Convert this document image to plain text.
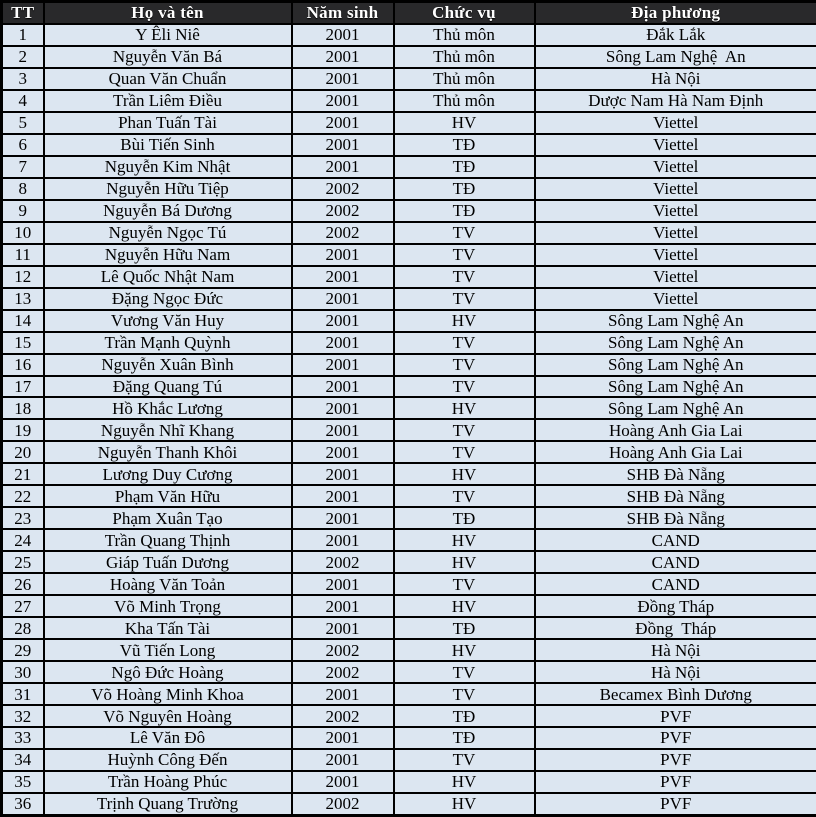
TT	Họ và tên	Năm sinh	Chức vụ	Địa phương
1	Y Êli Niê	2001	Thủ môn	Đắk Lắk
2	Nguyễn Văn Bá	2001	Thủ môn	Sông Lam Nghệ  An
3	Quan Văn Chuẩn	2001	Thủ môn	Hà Nội
4	Trần Liêm Điều	2001	Thủ môn	Dược Nam Hà Nam Định
5	Phan Tuấn Tài	2001	HV	Viettel
6	Bùi Tiến Sinh	2001	TĐ	Viettel
7	Nguyễn Kim Nhật	2001	TĐ	Viettel
8	Nguyễn Hữu Tiệp	2002	TĐ	Viettel
9	Nguyễn Bá Dương	2002	TĐ	Viettel
10	Nguyễn Ngọc Tú	2002	TV	Viettel
11	Nguyễn Hữu Nam	2001	TV	Viettel
12	Lê Quốc Nhật Nam	2001	TV	Viettel
13	Đặng Ngọc Đức	2001	TV	Viettel
14	Vương Văn Huy	2001	HV	Sông Lam Nghệ An
15	Trần Mạnh Quỳnh	2001	TV	Sông Lam Nghệ An
16	Nguyễn Xuân Bình	2001	TV	Sông Lam Nghệ An
17	Đặng Quang Tú	2001	TV	Sông Lam Nghệ An
18	Hồ Khắc Lương	2001	HV	Sông Lam Nghệ An
19	Nguyễn Nhĩ Khang	2001	TV	Hoàng Anh Gia Lai
20	Nguyễn Thanh Khôi	2001	TV	Hoàng Anh Gia Lai
21	Lương Duy Cương	2001	HV	SHB Đà Nẵng
22	Phạm Văn Hữu	2001	TV	SHB Đà Nẵng
23	Phạm Xuân Tạo	2001	TĐ	SHB Đà Nẵng
24	Trần Quang Thịnh	2001	HV	CAND
25	Giáp Tuấn Dương	2002	HV	CAND
26	Hoàng Văn Toản	2001	TV	CAND
27	Võ Minh Trọng	2001	HV	Đồng Tháp
28	Kha Tấn Tài	2001	TĐ	Đồng  Tháp
29	Vũ Tiến Long	2002	HV	Hà Nội
30	Ngô Đức Hoàng	2002	TV	Hà Nội
31	Võ Hoàng Minh Khoa	2001	TV	Becamex Bình Dương
32	Võ Nguyên Hoàng	2002	TĐ	PVF
33	Lê Văn Đô	2001	TĐ	PVF
34	Huỳnh Công Đến	2001	TV	PVF
35	Trần Hoàng Phúc	2001	HV	PVF
36	Trịnh Quang Trường	2002	HV	PVF
